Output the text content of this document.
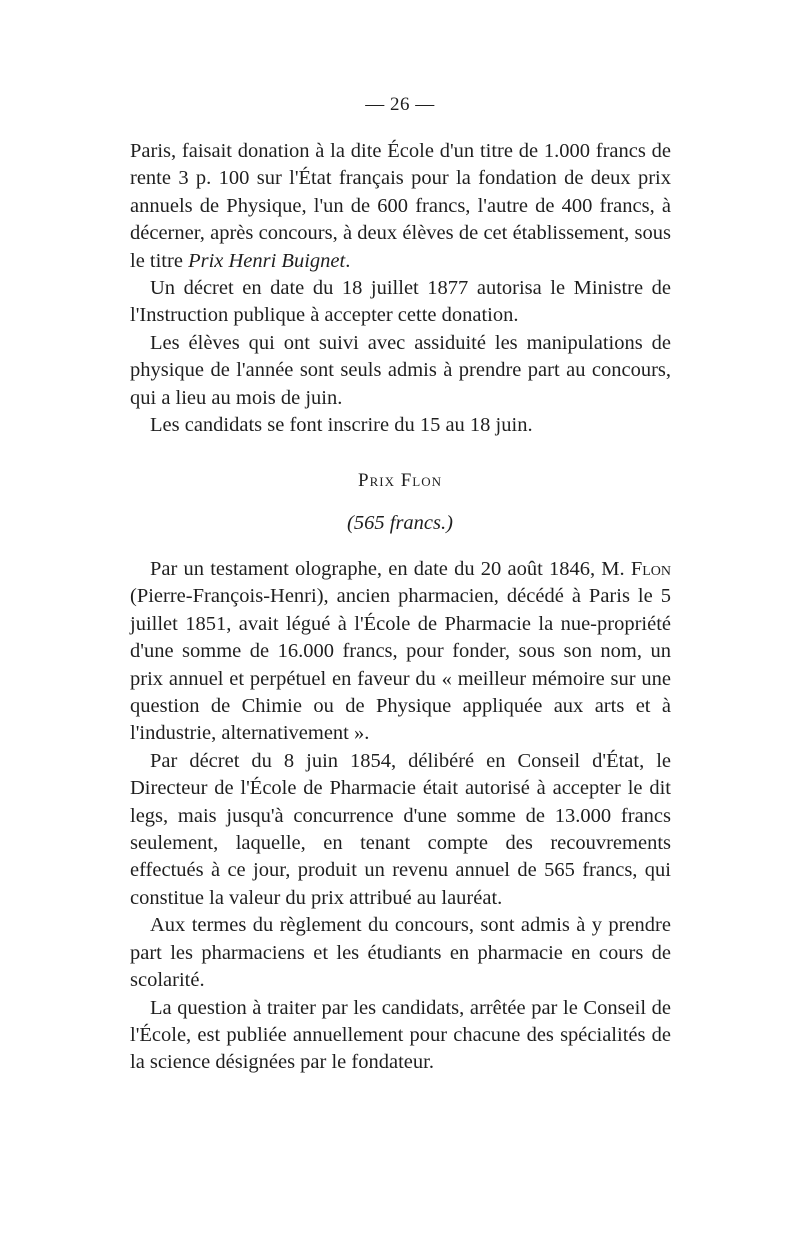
— 26 —

Paris, faisait donation à la dite École d'un titre de 1.000 francs de rente 3 p. 100 sur l'État français pour la fondation de deux prix annuels de Physique, l'un de 600 francs, l'autre de 400 francs, à décerner, après concours, à deux élèves de cet établissement, sous le titre Prix Henri Buignet.

Un décret en date du 18 juillet 1877 autorisa le Ministre de l'Instruction publique à accepter cette donation.

Les élèves qui ont suivi avec assiduité les manipulations de physique de l'année sont seuls admis à prendre part au concours, qui a lieu au mois de juin.

Les candidats se font inscrire du 15 au 18 juin.

Prix Flon
(565 francs.)

Par un testament olographe, en date du 20 août 1846, M. Flon (Pierre-François-Henri), ancien pharmacien, décédé à Paris le 5 juillet 1851, avait légué à l'École de Pharmacie la nue-propriété d'une somme de 16.000 francs, pour fonder, sous son nom, un prix annuel et perpétuel en faveur du « meilleur mémoire sur une question de Chimie ou de Physique appliquée aux arts et à l'industrie, alternativement ».

Par décret du 8 juin 1854, délibéré en Conseil d'État, le Directeur de l'École de Pharmacie était autorisé à accepter le dit legs, mais jusqu'à concurrence d'une somme de 13.000 francs seulement, laquelle, en tenant compte des recouvrements effectués à ce jour, produit un revenu annuel de 565 francs, qui constitue la valeur du prix attribué au lauréat.

Aux termes du règlement du concours, sont admis à y prendre part les pharmaciens et les étudiants en pharmacie en cours de scolarité.

La question à traiter par les candidats, arrêtée par le Conseil de l'École, est publiée annuellement pour chacune des spécialités de la science désignées par le fondateur.
